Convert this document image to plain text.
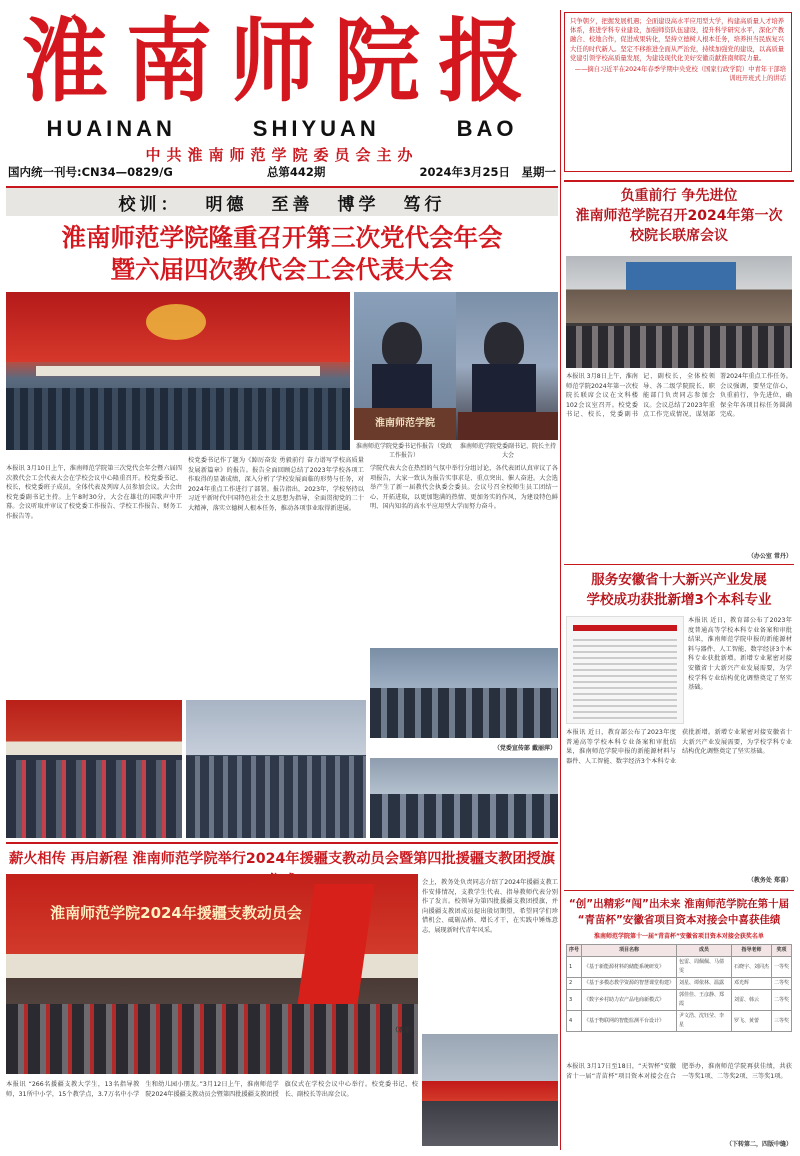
淮南师院报
HUAINAN	SHIYUAN	BAO
中共淮南师范学院委员会主办
只争朝夕，把握发展机遇；全面建设高水平应用型大学，构建高质量人才培养体系，推进学科专业建设，加强师资队伍建设，提升科学研究水平，深化产教融合、校地合作，促进成果转化，坚持立德树人根本任务，培养担当民族复兴大任的时代新人。坚定不移推进全面从严治党，持续加强党的建设，以高质量党建引领学校高质量发展，为建设现代化美好安徽贡献淮南师院力量。
——摘自习近平在2024年春季学期中央党校（国家行政学院）中青年干部培训班开班式上的讲话
国内统一刊号:CN34—0829/G	总第442期	2024年3月25日　星期一
校训： 明德 至善 博学 笃行
淮南师范学院隆重召开第三次党代会年会
暨六届四次教代会工会代表大会
淮南师范学院
淮南师范学院党委书记作报告（党政工作报告）
淮南师范学院党委副书记、院长主持大会
本报讯 3月10日上午，淮南师范学院第三次党代会年会暨六届四次教代会工会代表大会在学校会议中心隆重召开。校党委书记、校长，校党委班子成员，全体代表及列席人员参加会议。大会由校党委副书记主持。上午8时30分，大会在雄壮的国歌声中开幕。会议听取并审议了校党委工作报告、学校工作报告、财务工作报告等。
校党委书记作了题为《踔厉奋发 勇毅前行 奋力谱写学校高质量发展新篇章》的报告。报告全面回顾总结了2023年学校各项工作取得的显著成绩，深入分析了学校发展面临的形势与任务，对2024年重点工作进行了部署。报告指出，2023年，学校坚持以习近平新时代中国特色社会主义思想为指导，全面贯彻党的二十大精神，落实立德树人根本任务，推动各项事业取得新进展。
学院代表大会在热烈的气氛中举行分组讨论，各代表团认真审议了各项报告，大家一致认为报告实事求是、重点突出、催人奋进。大会选举产生了新一届教代会执委会委员。会议号召全校师生员工团结一心、开拓进取，以更加饱满的热情、更加务实的作风，为建设特色鲜明、国内知名的高水平应用型大学而努力奋斗。
（党委宣传部 戴丽萍）
薪火相传 再启新程 淮南师范学院举行2024年援疆支教动员会暨第四批援疆支教团授旗
淮南师范学院2024年援疆支教动员会
会上，教务处负责同志介绍了2024年援疆支教工作安排情况，支教学生代表、指导教师代表分别作了发言。校领导为第四批援疆支教团授旗，并向援疆支教团成员提出殷切期望，希望同学们珍惜机会、砥砺品格、增长才干，在实践中锤炼意志，展现新时代青年风采。
本报讯 “266名援疆支教大学生，13名指导教师，31所中小学，15个教学点，3.7万名中小学生和幼儿园小朋友。”3月12日上午，淮南师范学院2024年援疆支教动员会暨第四批援疆支教团授旗仪式在学校会议中心举行。校党委书记、校长、副校长等出席会议。
（欢迎）
负重前行 争先进位
淮南师范学院召开2024年第一次
校院长联席会议
本报讯 3月8日上午，淮南师范学院2024年第一次校院长联席会议在文科楼102会议室召开。校党委书记、校长，党委副书记、副校长，全体校领导、各二级学院院长、职能部门负责同志参加会议。会议总结了2023年重点工作完成情况，谋划部署2024年重点工作任务。会议强调，要坚定信心，负重前行，争先进位，确保全年各项目标任务圆满完成。
（办公室 常丹）
服务安徽省十大新兴产业发展
学校成功获批新增3个本科专业
本报讯 近日，教育部公布了2023年度普通高等学校本科专业备案和审批结果，淮南师范学院申报的新能源材料与器件、人工智能、数字经济3个本科专业获批新增。新增专业紧密对接安徽省十大新兴产业发展需要，为学校学科专业结构优化调整奠定了坚实基础。
本报讯 近日，教育部公布了2023年度普通高等学校本科专业备案和审批结果，淮南师范学院申报的新能源材料与器件、人工智能、数字经济3个本科专业获批新增。新增专业紧密对接安徽省十大新兴产业发展需要，为学校学科专业结构优化调整奠定了坚实基础。
（教务处 郑喜）
“创”出精彩“闯”出未来 淮南师范学院在第十届
“青苗杯”安徽省项目资本对接会中喜获佳绩
淮南师范学院第十一届“青苗杯”安徽省项目资本对接会获奖名单
序号	项目名称	成员	指导老师	奖项
1	《基于新能源材料的储能系统研发》	包雷、周佩佩、马倩雯	石晓宇、刘同杰	一等奖
2	《基于多模态教学资源的智慧课堂构建》	刘星、谭依林、温露	邓光辉	二等奖
3	《数字乡村助力农产品电商新模式》	郭佳佳、王彦静、郑霞	刘雷、韩云	二等奖
4	《基于物联网的智能监测平台设计》	尹文浩、沈钰莹、李星	罗飞、黄蕾	三等奖
本报讯 3月17日至18日，“天智杯”安徽省十一届“青苗杯”项目资本对接会在合肥举办，淮南师范学院再获佳绩，共获一等奖1项、二等奖2项、三等奖1项。
（下转第二，四版中缝）
